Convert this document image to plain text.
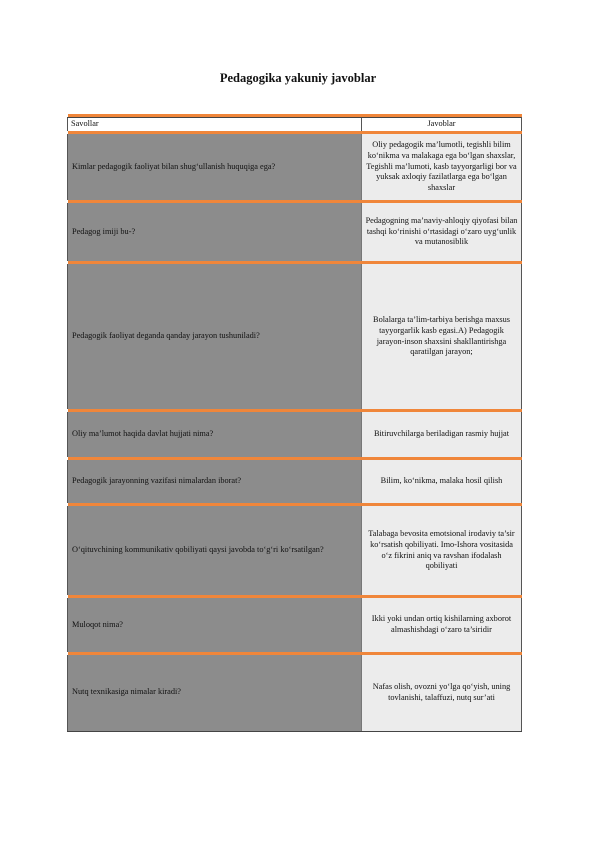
Pedagogika yakuniy javoblar

Savollar	Javoblar

Kimlar pedagogik faoliyat bilan shug‘ullanish huquqiga ega?	Oliy pedagogik ma’lumotli, tegishli bilim ko‘nikma va malakaga ega bo‘lgan shaxslar, Tegishli ma’lumoti, kasb tayyorgarligi bor va yuksak axloqiy fazilatlarga ega bo‘lgan shaxslar

Pedagog imiji bu-?	Pedagogning ma’naviy-ahloqiy qiyofasi bilan tashqi ko‘rinishi o‘rtasidagi o‘zaro uyg‘unlik va mutanosiblik

Pedagogik faoliyat deganda qanday jarayon tushuniladi?	Bolalarga ta’lim-tarbiya berishga maxsus tayyorgarlik kasb egasi.A) Pedagogik jarayon-inson shaxsini shakllantirishga qaratilgan jarayon;

Oliy ma’lumot haqida davlat hujjati nima?	Bitiruvchilarga beriladigan rasmiy hujjat

Pedagogik jarayonning vazifasi nimalardan iborat?	Bilim, ko‘nikma, malaka hosil qilish

O‘qituvchining kommunikativ qobiliyati qaysi javobda to‘g‘ri ko‘rsatilgan?	Talabaga bevosita emotsional irodaviy ta’sir ko‘rsatish qobiliyati. Imo-Ishora vositasida o‘z fikrini aniq va ravshan ifodalash qobiliyati

Muloqot nima?	Ikki yoki undan ortiq kishilarning axborot almashishdagi o‘zaro ta’siridir

Nutq texnikasiga nimalar kiradi?	Nafas olish, ovozni yo‘lga qo‘yish, uning tovlanishi, talaffuzi, nutq sur’ati
